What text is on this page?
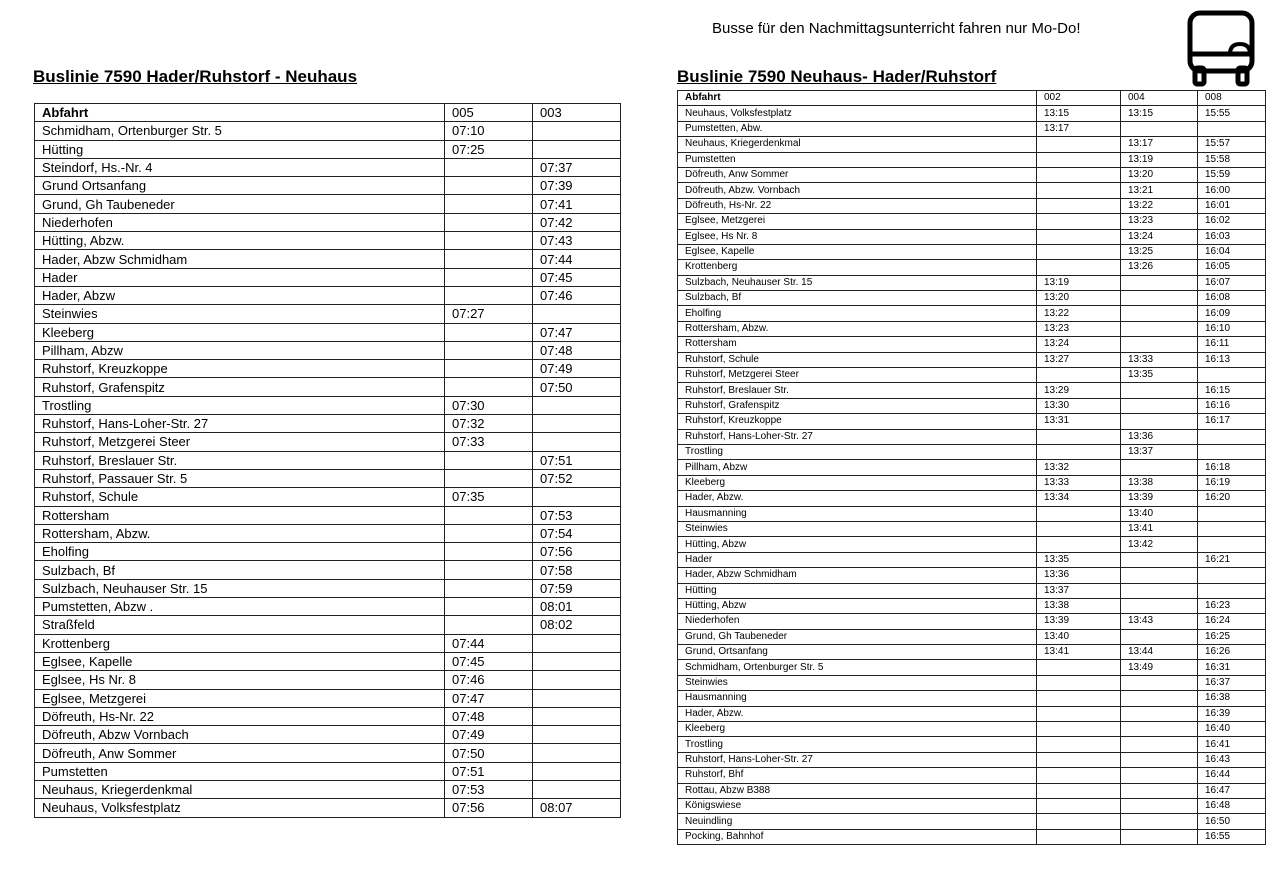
Busse für den Nachmittagsunterricht fahren nur Mo-Do!
Buslinie 7590 Hader/Ruhstorf - Neuhaus	Buslinie 7590 Neuhaus- Hader/Ruhstorf
Abfahrt	005	003
Schmidham, Ortenburger Str. 5	07:10	
Hütting	07:25	
Steindorf, Hs.-Nr. 4		07:37
Grund Ortsanfang		07:39
Grund, Gh Taubeneder		07:41
Niederhofen		07:42
Hütting, Abzw.		07:43
Hader, Abzw Schmidham		07:44
Hader		07:45
Hader, Abzw		07:46
Steinwies	07:27	
Kleeberg		07:47
Pillham, Abzw		07:48
Ruhstorf, Kreuzkoppe		07:49
Ruhstorf, Grafenspitz		07:50
Trostling	07:30	
Ruhstorf, Hans-Loher-Str. 27	07:32	
Ruhstorf, Metzgerei Steer	07:33	
Ruhstorf, Breslauer Str.		07:51
Ruhstorf, Passauer Str. 5		07:52
Ruhstorf, Schule	07:35	
Rottersham		07:53
Rottersham, Abzw.		07:54
Eholfing		07:56
Sulzbach, Bf		07:58
Sulzbach, Neuhauser Str. 15		07:59
Pumstetten, Abzw .		08:01
Straßfeld		08:02
Krottenberg	07:44	
Eglsee, Kapelle	07:45	
Eglsee, Hs Nr. 8	07:46	
Eglsee, Metzgerei	07:47	
Döfreuth, Hs-Nr. 22	07:48	
Döfreuth, Abzw Vornbach	07:49	
Döfreuth, Anw Sommer	07:50	
Pumstetten	07:51	
Neuhaus, Kriegerdenkmal	07:53	
Neuhaus, Volksfestplatz	07:56	08:07
Abfahrt	002	004	008
Neuhaus, Volksfestplatz	13:15	13:15	15:55
Pumstetten, Abw.	13:17		
Neuhaus, Kriegerdenkmal		13:17	15:57
Pumstetten		13:19	15:58
Döfreuth, Anw Sommer		13:20	15:59
Döfreuth, Abzw. Vornbach		13:21	16:00
Döfreuth, Hs-Nr. 22		13:22	16:01
Eglsee, Metzgerei		13:23	16:02
Eglsee, Hs Nr. 8		13:24	16:03
Eglsee, Kapelle		13:25	16:04
Krottenberg		13:26	16:05
Sulzbach, Neuhauser Str. 15	13:19		16:07
Sulzbach, Bf	13:20		16:08
Eholfing	13:22		16:09
Rottersham, Abzw.	13:23		16:10
Rottersham	13:24		16:11
Ruhstorf, Schule	13:27	13:33	16:13
Ruhstorf, Metzgerei Steer		13:35	
Ruhstorf, Breslauer Str.	13:29		16:15
Ruhstorf, Grafenspitz	13:30		16:16
Ruhstorf, Kreuzkoppe	13:31		16:17
Ruhstorf, Hans-Loher-Str. 27		13:36	
Trostling		13:37	
Pillham, Abzw	13:32		16:18
Kleeberg	13:33	13:38	16:19
Hader, Abzw.	13:34	13:39	16:20
Hausmanning		13:40	
Steinwies		13:41	
Hütting, Abzw		13:42	
Hader	13:35		16:21
Hader, Abzw Schmidham	13:36		
Hütting	13:37		
Hütting, Abzw	13:38		16:23
Niederhofen	13:39	13:43	16:24
Grund, Gh Taubeneder	13:40		16:25
Grund, Ortsanfang	13:41	13:44	16:26
Schmidham, Ortenburger Str. 5		13:49	16:31
Steinwies			16:37
Hausmanning			16:38
Hader, Abzw.			16:39
Kleeberg			16:40
Trostling			16:41
Ruhstorf, Hans-Loher-Str. 27			16:43
Ruhstorf, Bhf			16:44
Rottau, Abzw B388			16:47
Königswiese			16:48
Neuindling			16:50
Pocking, Bahnhof			16:55
